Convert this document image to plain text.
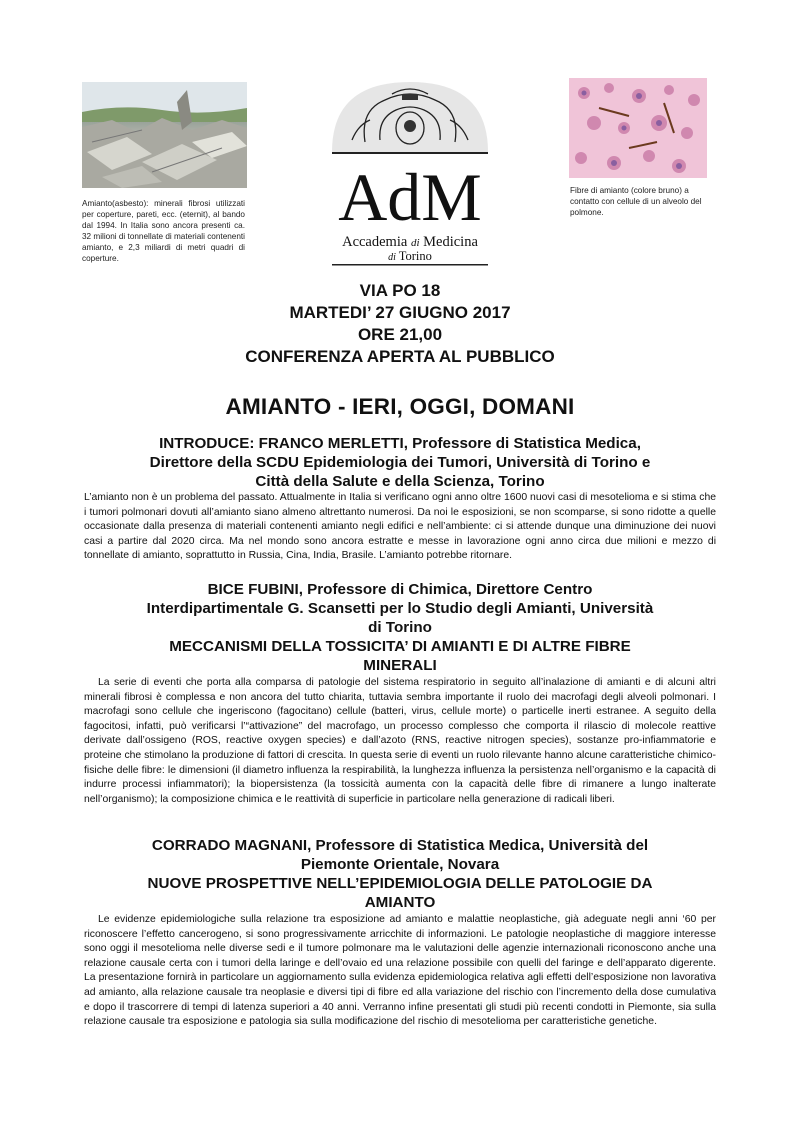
Amianto(asbesto): minerali fibrosi utilizzati per coperture, pareti, ecc. (eternit), al bando dal 1994. In Italia sono ancora presenti ca. 32 milioni di tonnellate di materiali contenenti amianto, e 2,3 miliardi di metri quadri di coperture.
Fibre di amianto (colore bruno) a contatto con cellule di un alveolo del polmone.
AdM
Accademia di Medicina
di Torino
VIA PO 18
MARTEDI’ 27 GIUGNO 2017
ORE 21,00
CONFERENZA APERTA AL PUBBLICO
AMIANTO - IERI, OGGI, DOMANI
INTRODUCE: FRANCO MERLETTI, Professore di Statistica Medica,
Direttore della SCDU Epidemiologia dei Tumori, Università di Torino e
Città della Salute e della Scienza, Torino
L’amianto non è un problema del passato. Attualmente in Italia si verificano ogni anno oltre 1600 nuovi casi di mesotelioma e si stima che i tumori polmonari dovuti all’amianto siano almeno altrettanto numerosi. Da noi le esposizioni, se non scomparse, si sono ridotte a quelle occasionate dalla presenza di materiali contenenti amianto negli edifici e nell’ambiente: ci si attende dunque una diminuzione dei nuovi casi a partire dal 2020 circa. Ma nel mondo sono ancora estratte e messe in lavorazione ogni anno circa due milioni e mezzo di tonnellate di amianto, soprattutto in Russia, Cina, India, Brasile. L’amianto potrebbe ritornare.
BICE FUBINI, Professore di Chimica, Direttore Centro
Interdipartimentale G. Scansetti per lo Studio degli Amianti, Università
di Torino
MECCANISMI DELLA TOSSICITA’ DI AMIANTI E DI ALTRE FIBRE
MINERALI
La serie di eventi che porta alla comparsa di patologie del sistema respiratorio in seguito all’inalazione di amianti e di alcuni altri minerali fibrosi è complessa e non ancora del tutto chiarita, tuttavia sembra importante il ruolo dei macrofagi degli alveoli polmonari. I macrofagi sono cellule che ingeriscono (fagocitano) cellule (batteri, virus, cellule morte) o particelle inerti estranee. A seguito della fagocitosi, infatti, può verificarsi l’“attivazione” del macrofago, un processo complesso che comporta il rilascio di molecole reattive derivate dall’ossigeno (ROS, reactive oxygen species) e dall’azoto (RNS, reactive nitrogen species), sostanze pro-infiammatorie e proteine che stimolano la produzione di fattori di crescita. In questa serie di eventi un ruolo rilevante hanno alcune caratteristiche chimico-fisiche delle fibre: le dimensioni (il diametro influenza la respirabilità, la lunghezza influenza la persistenza nell’organismo e la capacità di indurre processi infiammatori); la biopersistenza (la tossicità aumenta con la capacità delle fibre di rimanere a lungo inalterate nell’organismo); la composizione chimica e le reattività di superficie in particolare nella generazione di radicali liberi.
CORRADO MAGNANI, Professore di Statistica Medica, Università del
Piemonte Orientale, Novara
NUOVE PROSPETTIVE NELL’EPIDEMIOLOGIA DELLE PATOLOGIE DA
AMIANTO
Le evidenze epidemiologiche sulla relazione tra esposizione ad amianto e malattie neoplastiche, già adeguate negli anni ‘60 per riconoscere l’effetto cancerogeno, si sono progressivamente arricchite di informazioni. Le patologie neoplastiche di maggiore interesse sono oggi il mesotelioma nelle diverse sedi e il tumore polmonare ma le valutazioni delle agenzie internazionali riconoscono anche una relazione causale certa con i tumori della laringe e dell’ovaio ed una relazione possibile con quelli del faringe e dell’apparato digerente. La presentazione fornirà in particolare un aggiornamento sulla evidenza epidemiologica relativa agli effetti dell’esposizione non lavorativa ad amianto, alla relazione causale tra neoplasie e diversi tipi di fibre ed alla variazione del rischio con l’incremento della dose cumulativa e dopo il trascorrere di tempi di latenza superiori a 40 anni. Verranno infine presentati gli studi più recenti condotti in Piemonte, sia sulla relazione causale tra esposizione e patologia sia sulla modificazione del rischio di mesotelioma per caratteristiche genetiche.
